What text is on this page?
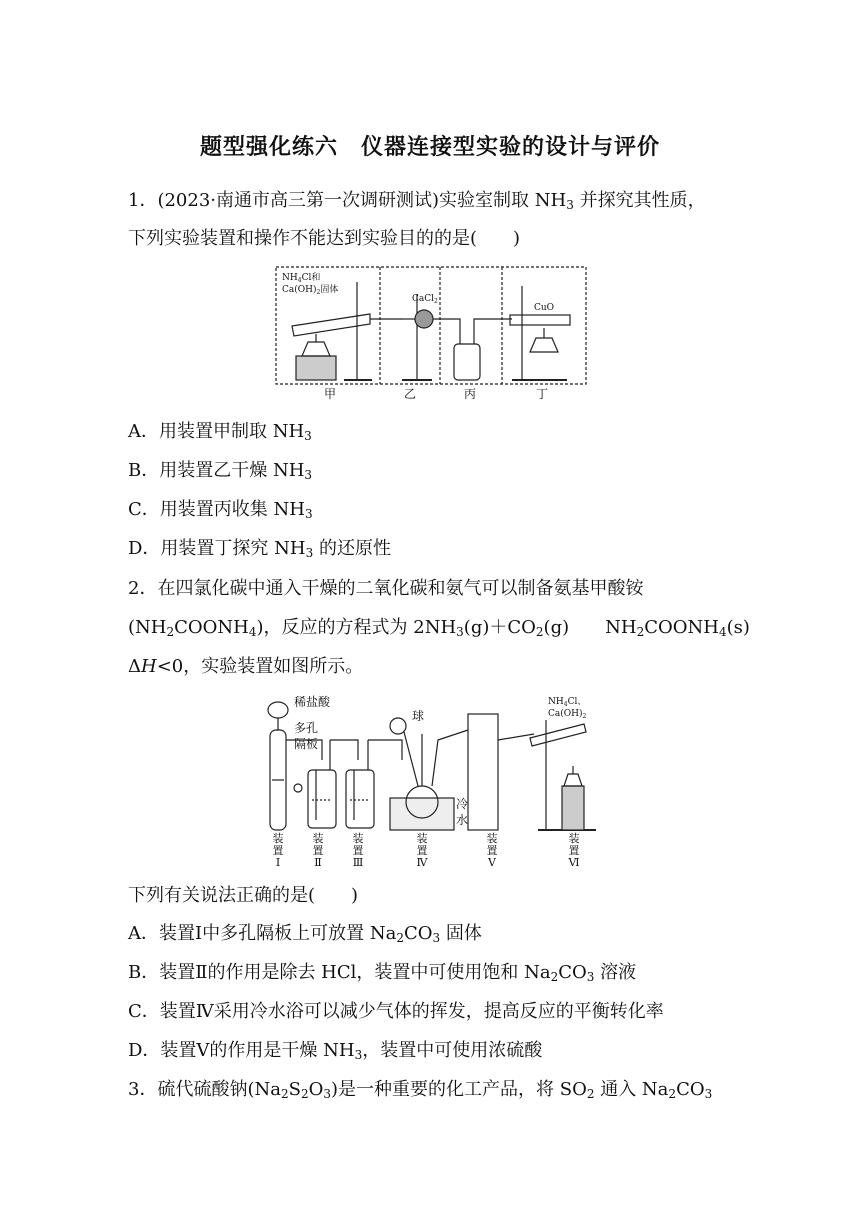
题型强化练六　仪器连接型实验的设计与评价
1．(2023·南通市高三第一次调研测试)实验室制取 $NH_3$ 并探究其性质，
下列实验装置和操作不能达到实验目的的是(　　)
$NH_4Cl$和
$Ca(OH)_2$固体
CaCl$_2$
CuO
甲	乙	丙	丁
A．用装置甲制取 $NH_3$
B．用装置乙干燥 $NH_3$
C．用装置丙收集 $NH_3$
D．用装置丁探究 $NH_3$ 的还原性
2．在四氯化碳中通入干燥的二氧化碳和氨气可以制备氨基甲酸铵
$(NH_2COONH_4)$，反应的方程式为 $2NH_3(g)+CO_2(g)$　　$NH_2COONH_4(s)$
ΔH<0，实验装置如图所示。
稀盐酸
多孔
隔板
球
冷
水
$NH_4Cl$、
$Ca(OH)_2$
装
置
Ⅰ
装
置
Ⅱ
装
置
Ⅲ
装
置
Ⅳ
装
置
Ⅴ
装
置
Ⅵ
下列有关说法正确的是(　　)
A．装置Ⅰ中多孔隔板上可放置 $Na_2CO_3$ 固体
B．装置Ⅱ的作用是除去 HCl，装置中可使用饱和 $Na_2CO_3$ 溶液
C．装置Ⅳ采用冷水浴可以减少气体的挥发，提高反应的平衡转化率
D．装置Ⅴ的作用是干燥 $NH_3$，装置中可使用浓硫酸
3．硫代硫酸钠$(Na_2S_2O_3)$是一种重要的化工产品，将 $SO_2$ 通入 $Na_2CO_3$
